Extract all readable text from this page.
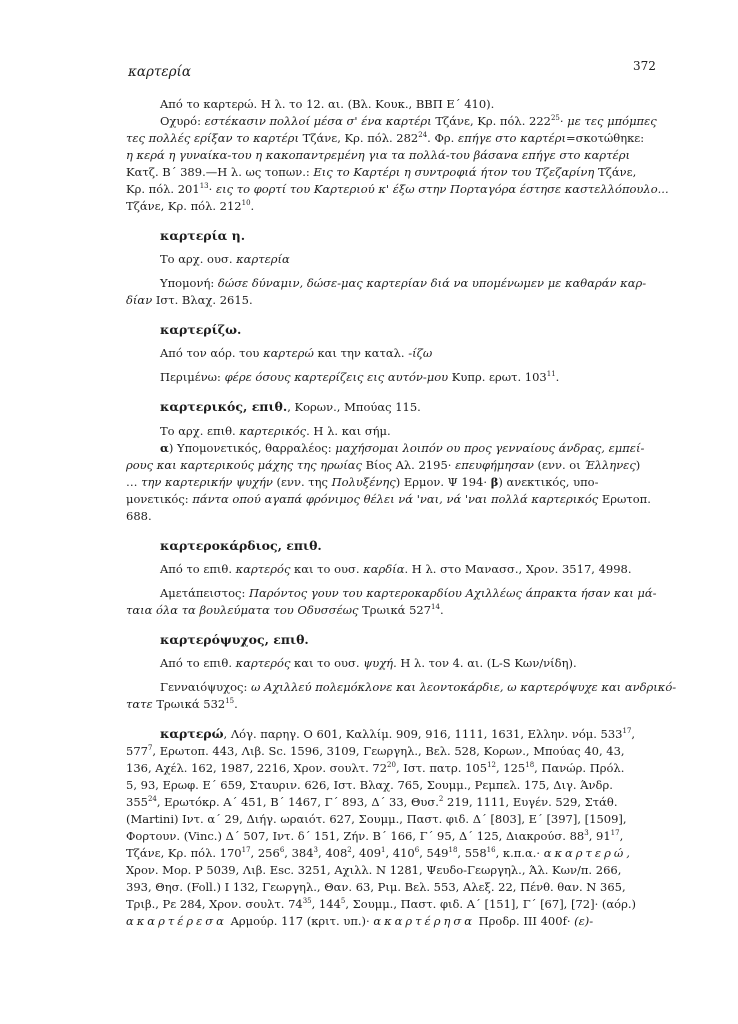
372
καρτερία
Από το καρτερώ. Η λ. το 12. αι. (Βλ. Κουκ., ΒΒΠ Ε΄ 410).
Οχυρό: εστέκασιν πολλοί μέσα σ' ένα καρτέρι Τζάνε, Κρ. πόλ. $222^{25}\cdot \mu\varepsilon$ τες μπόμπες
τες πολλές ερίξαν το καρτέρι Τζάνε, Κρ. πόλ. $282^{24}$. Φρ. επήγε στο καρτέρι=σκοτώθηκε:
η κερά η γυναίκα-του η κακοπαντρεμένη για τα πολλά-του βάσανα επήγε στο καρτέρι
Κατζ. Β΄ 389.—Η λ. ως τοπων.: Εις το Καρτέρι η συντροφιά ήτον του Τζεζαρίνη Τζάνε,
Κρ. πόλ. $201^{13}\cdot \varepsilon\iota\varsigma$ το φορτί του Καρτεριού κ' έξω στην Πορταγόρα έστησε καστελλόπουλο...
Τζάνε, Κρ. πόλ. $212^{10}$.
καρτερία η.
Το αρχ. ουσ. καρτερία
Υπομονή: δώσε δύναμιν, δώσε-μας καρτερίαν διά να υπομένωμεν με καθαράν καρ-
δίαν Ιστ. Βλαχ. 2615.
καρτερίζω.
Από τον αόρ. του καρτερώ και την καταλ. -ίζω
Περιμένω: φέρε όσους καρτερίζεις εις αυτόν-μου Κυπρ. ερωτ. $103^{11}$.
καρτερικός, επιθ., Κορων., Μπούας 115.
Το αρχ. επιθ. καρτερικός. Η λ. και σήμ.
α) Υπομονετικός, θαρραλέος: μαχήσομαι λοιπόν ου προς γενναίους άνδρας, εμπεί-
ρους και καρτερικούς μάχης της ηρωίας Βίος Αλ. 2195· επευφήμησαν (ενν. οι Έλληνες)
… την καρτερικήν ψυχήν (ενν. της Πολυξένης) Ερμον. Ψ 194· β) ανεκτικός, υπο-
μονετικός: πάντα οπού αγαπά φρόνιμος θέλει νά 'ναι, νά 'ναι πολλά καρτερικός Ερωτοπ.
688.
καρτεροκάρδιος, επιθ.
Από το επιθ. καρτερός και το ουσ. καρδία. Η λ. στο Μανασσ., Χρον. 3517, 4998.
Αμετάπειστος: Παρόντος γουν του καρτεροκαρδίου Αχιλλέως άπρακτα ήσαν και μά-
ταια όλα τα βουλεύματα του Οδυσσέως Τρωικά $527^{14}$.
καρτερόψυχος, επιθ.
Από το επιθ. καρτερός και το ουσ. ψυχή. Η λ. τον 4. αι. (L-S Κων/νίδη).
Γενναιόψυχος: ω Αχιλλεύ πολεμόκλονε και λεοντοκάρδιε, ω καρτερόψυχε και ανδρικό-
τατε Τρωικά $532^{15}$.
καρτερώ, Λόγ. παρηγ. Ο 601, Καλλίμ. 909, 916, 1111, 1631, Ελλην. νόμ. $533^{17}$,
$577^7$, Ερωτοπ. 443, Λιβ. Sc. 1596, 3109, Γεωργηλ., Βελ. 528, Κορων., Μπούας 40, 43,
136, Αχέλ. 162, 1987, 2216, Χρον. σουλτ. $72^{20}$, Ιστ. πατρ. $105^{12}$, $125^{18}$, Πανώρ. Πρόλ.
5, 93, Ερωφ. Ε΄ 659, Σταυριν. 626, Ιστ. Βλαχ. 765, Σουμμ., Ρεμπελ. 175, Διγ. Άνδρ.
$355^{24}$, Ερωτόκρ. Α΄ 451, Β΄ 1467, Γ΄ 893, Δ΄ 33, Θυσ.$^2$ 219, 1111, Ευγέν. 529, Στάθ.
(Martini) Ιντ. α΄ 29, Διήγ. ωραιότ. 627, Σουμμ., Παστ. φιδ. Δ΄ [803], Ε΄ [397], [1509],
Φορτουν. (Vinc.) Δ΄ 507, Ιντ. δ΄ 151, Ζήν. Β΄ 166, Γ΄ 95, Δ΄ 125, Διακρούσ. $88^3$, $91^{17}$,
Τζάνε, Κρ. πόλ. $170^{17}$, $256^6$, $384^3$, $408^2$, $409^1$, $410^6$, $549^{18}$, $558^{16}$, κ.π.α.· ακαρτερώ,
Χρον. Μορ. Ρ 5039, Λιβ. Esc. 3251, Αχιλλ. Ν 1281, Ψευδο-Γεωργηλ., Άλ. Κων/π. 266,
393, Θησ. (Foll.) Ι 132, Γεωργηλ., Θαν. 63, Ριμ. Βελ. 553, Αλεξ. 22, Πένθ. θαν. Ν 365,
Τριβ., Ρε 284, Χρον. σουλτ. $74^{35}$, $144^5$, Σουμμ., Παστ. φιδ. Α΄ [151], Γ΄ [67], [72]· (αόρ.)
ακαρτέρεσα Αρμούρ. 117 (κριτ. υπ.)· ακαρτέρησα Προδρ. ΙΙΙ 400f· (ε)-
